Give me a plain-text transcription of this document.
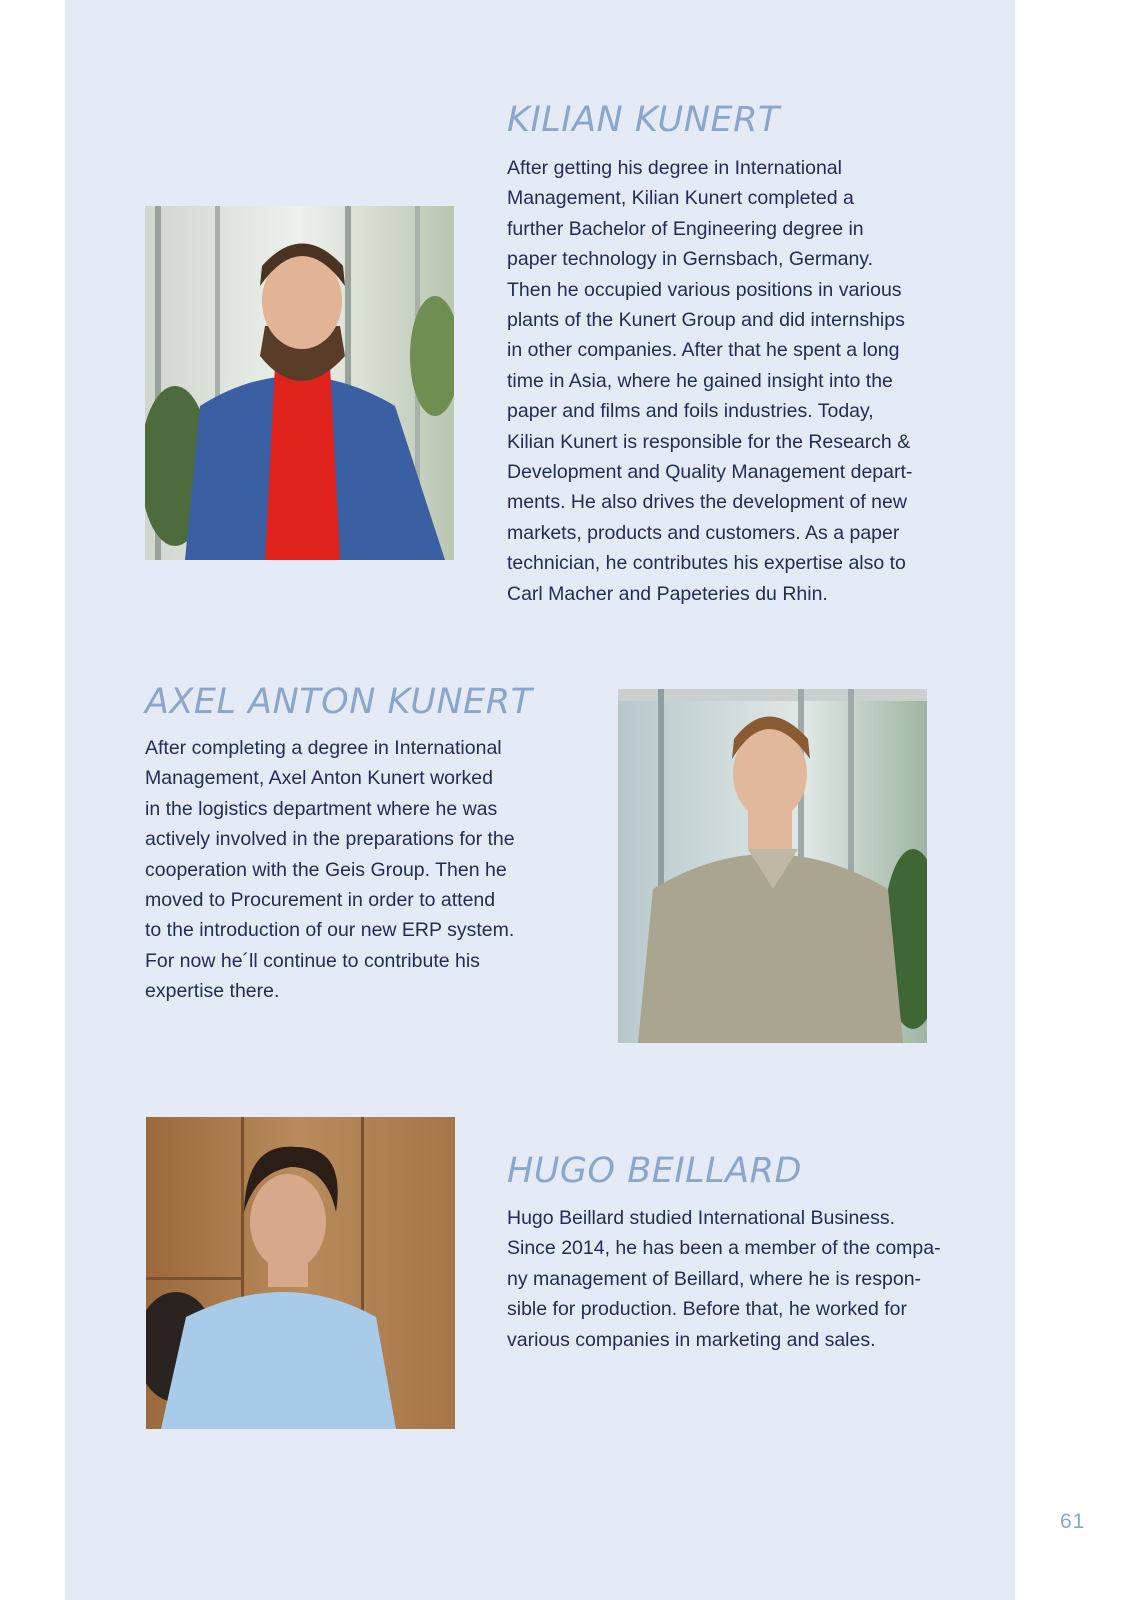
KILIAN KUNERT
After getting his degree in International
Management, Kilian Kunert completed a
further Bachelor of Engineering degree in
paper technology in Gernsbach, Germany.
Then he occupied various positions in various
plants of the Kunert Group and did internships
in other companies. After that he spent a long
time in Asia, where he gained insight into the
paper and films and foils industries. Today,
Kilian Kunert is responsible for the Research &
Development and Quality Management depart-
ments. He also drives the development of new
markets, products and customers. As a paper
technician, he contributes his expertise also to
Carl Macher and Papeteries du Rhin.
AXEL ANTON KUNERT
After completing a degree in International
Management, Axel Anton Kunert worked
in the logistics department where he was
actively involved in the preparations for the
cooperation with the Geis Group. Then he
moved to Procurement in order to attend
to the introduction of our new ERP system.
For now he´ll continue to contribute his
expertise there.
HUGO BEILLARD
Hugo Beillard studied International Business.
Since 2014, he has been a member of the compa-
ny management of Beillard, where he is respon-
sible for production. Before that, he worked for
various companies in marketing and sales.
61
